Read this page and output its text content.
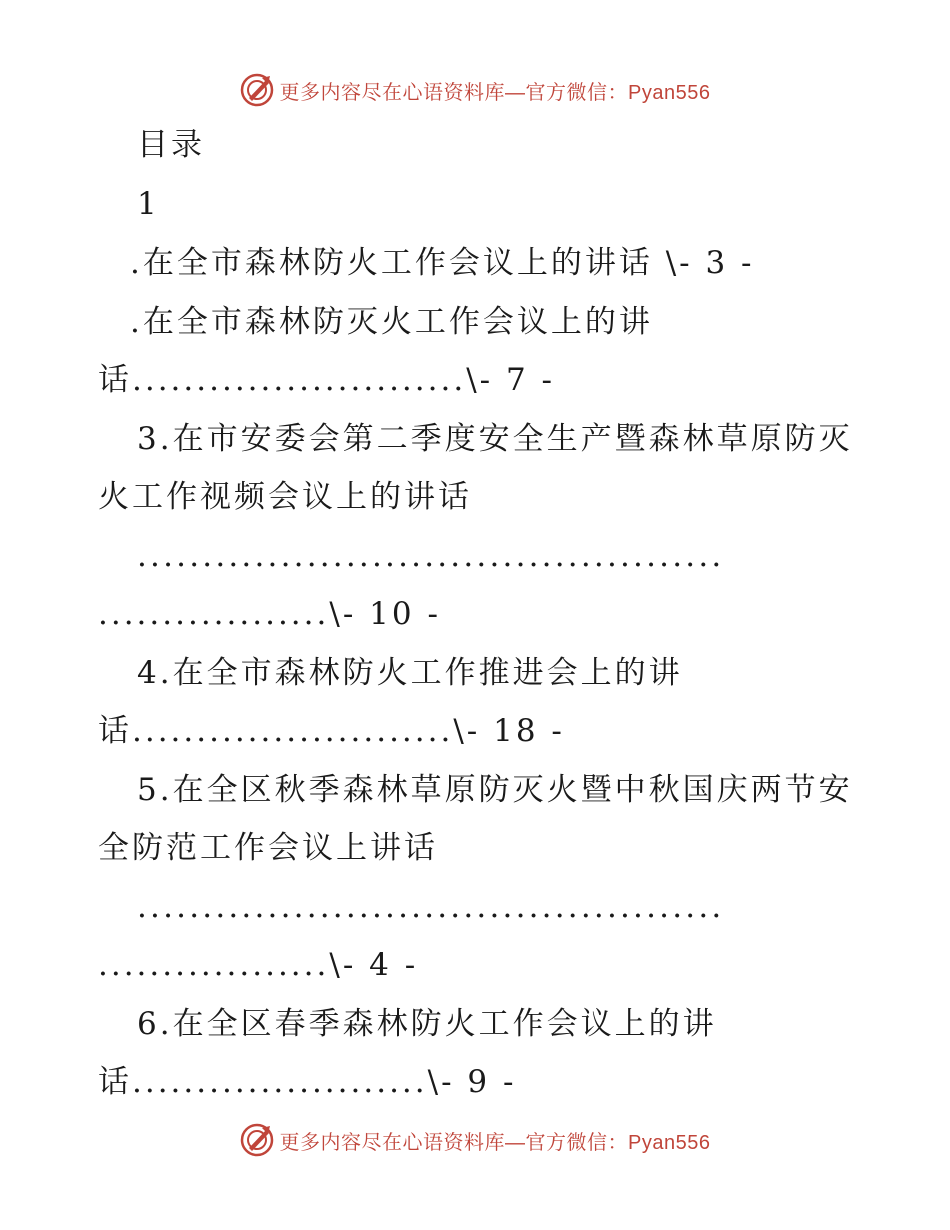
更多内容尽在心语资料库—官方微信：Pyan556
目录
1
.在全市森林防火工作会议上的讲话 \- 3 -
.在全市森林防灭火工作会议上的讲
话..........................\- 7 -
3.在市安委会第二季度安全生产暨森林草原防灭
火工作视频会议上的讲话
.............................................
..................\- 10 -
4.在全市森林防火工作推进会上的讲
话.........................\- 18 -
5.在全区秋季森林草原防灭火暨中秋国庆两节安
全防范工作会议上讲话
.............................................
..................\- 4 -
6.在全区春季森林防火工作会议上的讲
话.......................\- 9 -
更多内容尽在心语资料库—官方微信：Pyan556
